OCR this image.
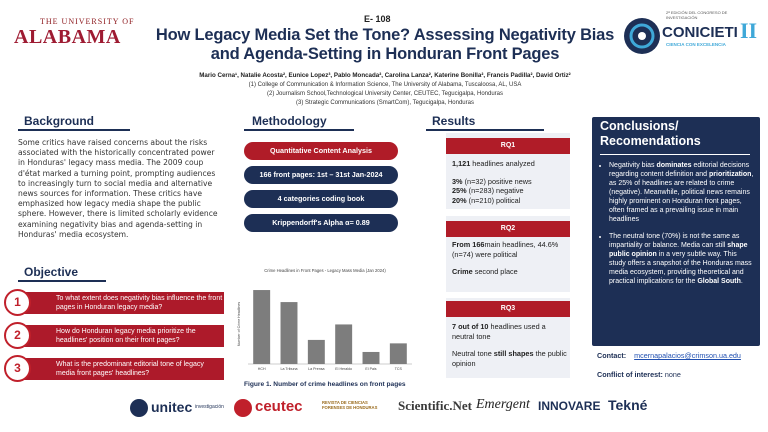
THE UNIVERSITY OF
ALABAMA
E- 108
How Legacy Media Set the Tone? Assessing Negativity Bias
and Agenda-Setting in Honduran Front Pages
Mario Cerna¹, Natalie Acosta², Eunice Lopez³, Pablo Moncada², Carolina Lanza², Katerine Bonilla², Francis Padilla², David Ortiz²
(1) College of Communication & Information Science, The University of Alabama, Tuscaloosa, AL, USA
(2) Journalism School,Technological University Center, CEUTEC, Tegucigalpa, Honduras
(3) Strategic Communications (SmartCom), Tegucigalpa, Honduras
2ª EDICIÓN DEL CONGRESO DE INVESTIGACIÓN
CONICIETI II
CIENCIA CON EXCELENCIA
Background
Some critics have raised concerns about the risks associated with the historically concentrated power in Honduras' legacy mass media. The 2009 coup d'état marked a turning point, prompting audiences to increasingly turn to social media and alternative news sources for information. These critics have emphasized how legacy media shape the public sphere. However, there is limited scholarly evidence examining negativity bias and agenda-setting in Honduras' media ecosystem.
Objective
To what extent does negativity bias influence the front pages in Honduran legacy media?
1
How do Honduran legacy media prioritize the headlines' position on their front pages?
2
What is the predominant editorial tone of legacy media front pages' headlines?
3
Methodology
Quantitative Content Analysis
166 front pages: 1st – 31st Jan-2024
4 categories coding book
Krippendorff's Alpha α= 0.89
Crime Headlines in Front Pages - Legacy Mass Media (Jan 2024)
Number of Crime Headlines
HCH	La Tribuna	La Prensa	El Heraldo	El Pais	TCS
Figure 1. Number of crime headlines on front pages
Results
RQ1
1,121 headlines analyzed
3% (n=32) positive news
25% (n=283) negative
20% (n=210) political
RQ2
From 166main headlines, 44.6% (n=74) were political
Crime second place
RQ3
7 out of 10 headlines used a neutral tone
Neutral tone still shapes the public opinion
Conclusions/
Recomendations
• Negativity bias dominates editorial decisions regarding content definition and prioritization, as 25% of headlines are related to crime (negative). Meanwhile, political news remains highly prominent on Honduran front pages, often framed as a prevailing issue in main headlines
• The neutral tone (70%) is not the same as impartiality or balance. Media can still shape public opinion in a very subtle way. This study offers a snapshot of the Honduras mass media ecosystem, providing theoretical and practical implications for the Global South.
Contact: mcernapalacios@crimson.ua.edu
Conflict of interest: none
unitec investigación ceutec	REVISTA DE CIENCIAS FORENSES DE HONDURAS	Scientific.Net Emergent INNOVARE Tekné
